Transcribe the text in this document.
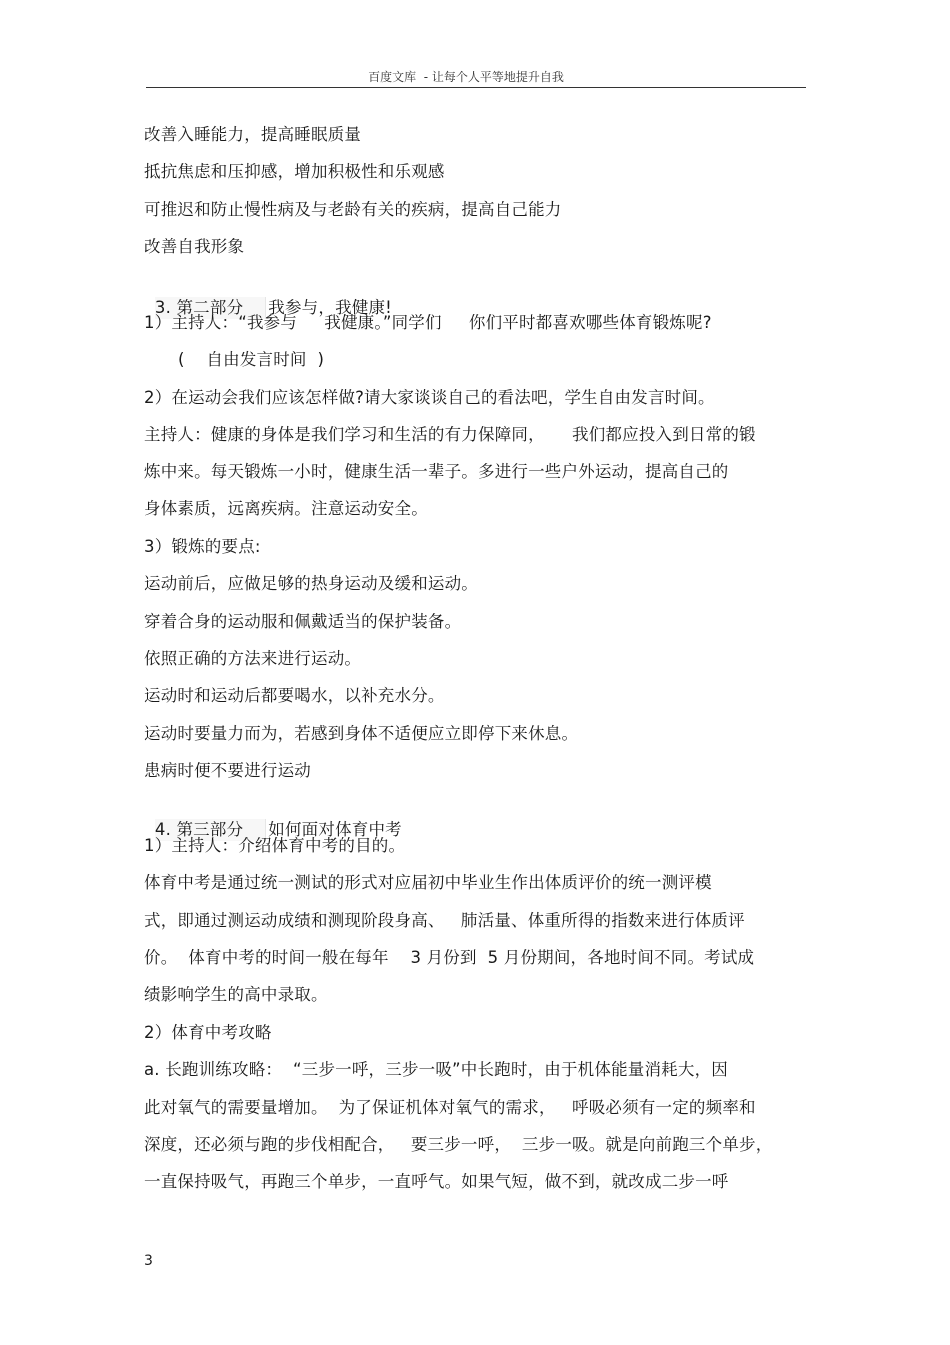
百度文库  - 让每个人平等地提升自我
改善入睡能力，提高睡眠质量
抵抗焦虑和压抑感，增加积极性和乐观感
可推迟和防止慢性病及与老龄有关的疾病，提高自己能力
改善自我形象

3. 第二部分 我参与，我健康!

1）主持人：“我参与     我健康。”同学们     你们平时都喜欢哪些体育锻炼呢?
(    自由发言时间  )
2）在运动会我们应该怎样做?请大家谈谈自己的看法吧，学生自由发言时间。
主持人：健康的身体是我们学习和生活的有力保障同，     我们都应投入到日常的锻
炼中来。每天锻炼一小时，健康生活一辈子。多进行一些户外运动，提高自己的
身体素质，远离疾病。注意运动安全。
3）锻炼的要点:
运动前后，应做足够的热身运动及缓和运动。
穿着合身的运动服和佩戴适当的保护装备。
依照正确的方法来进行运动。
运动时和运动后都要喝水，以补充水分。
运动时要量力而为，若感到身体不适便应立即停下来休息。
患病时便不要进行运动

4. 第三部分 如何面对体育中考

1）主持人：介绍体育中考的目的。
体育中考是通过统一测试的形式对应届初中毕业生作出体质评价的统一测评模
式，即通过测运动成绩和测现阶段身高、   肺活量、体重所得的指数来进行体质评
价。  体育中考的时间一般在每年    3 月份到  5 月份期间，各地时间不同。考试成
绩影响学生的高中录取。
2）体育中考攻略
a. 长跑训练攻略：  “三步一呼，三步一吸”中长跑时，由于机体能量消耗大，因
此对氧气的需要量增加。  为了保证机体对氧气的需求，   呼吸必须有一定的频率和
深度，还必须与跑的步伐相配合，   要三步一呼，  三步一吸。就是向前跑三个单步，
一直保持吸气，再跑三个单步，一直呼气。如果气短，做不到，就改成二步一呼
3
